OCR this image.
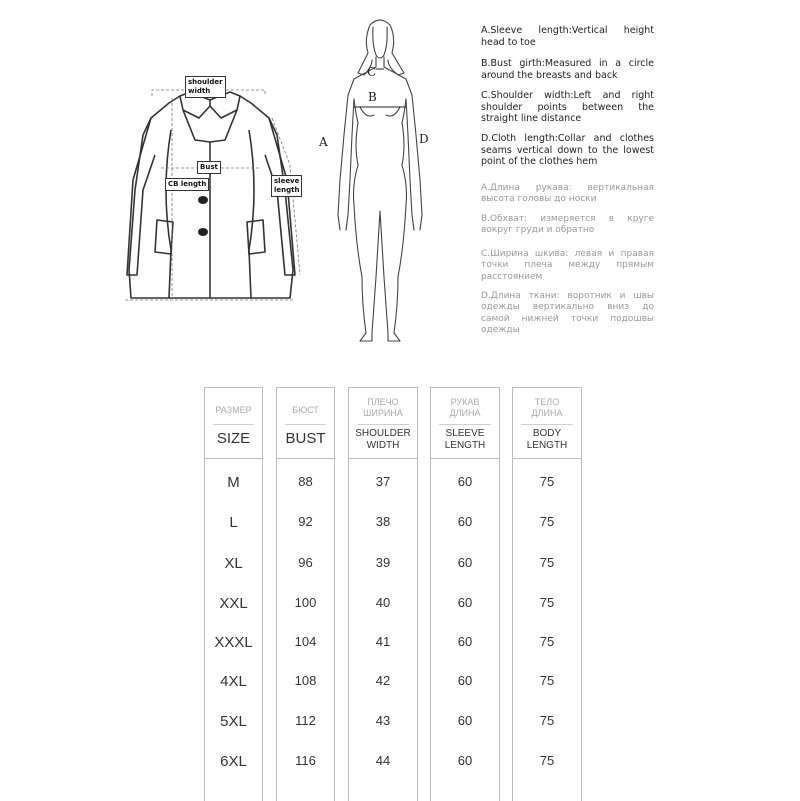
shoulder
width
Bust
CB length	sleeve
length
C
B
A	D
A.Sleeve length:Vertical height head to toe
B.Bust girth:Measured in a circle around the breasts and back
C.Shoulder width:Left and right shoulder points between the straight line distance
D.Cloth length:Collar and clothes seams vertical down to the lowest point of the clothes hem
A.Длина рукава: вертикальная высота головы до носки
B.Обхват: измеряется в круге вокруг груди и обратно
C.Ширина шкива: левая и правая точки плеча между прямым расстоянием
D.Длина ткани: воротник и швы одежды вертикально вниз до самой нижней точки подошвы одежды
РАЗМЕР
SIZE
M
L
XL
XXL
XXXL
4XL
5XL
6XL
БЮСТ
BUST
88
92
96
100
104
108
112
116
ПЛЕЧО
ШИРИНА
SHOULDER
WIDTH
37
38
39
40
41
42
43
44
РУКАВ
ДЛИНА
SLEEVE
LENGTH
60
60
60
60
60
60
60
60
ТЕЛО
ДЛИНА
BODY
LENGTH
75
75
75
75
75
75
75
75
